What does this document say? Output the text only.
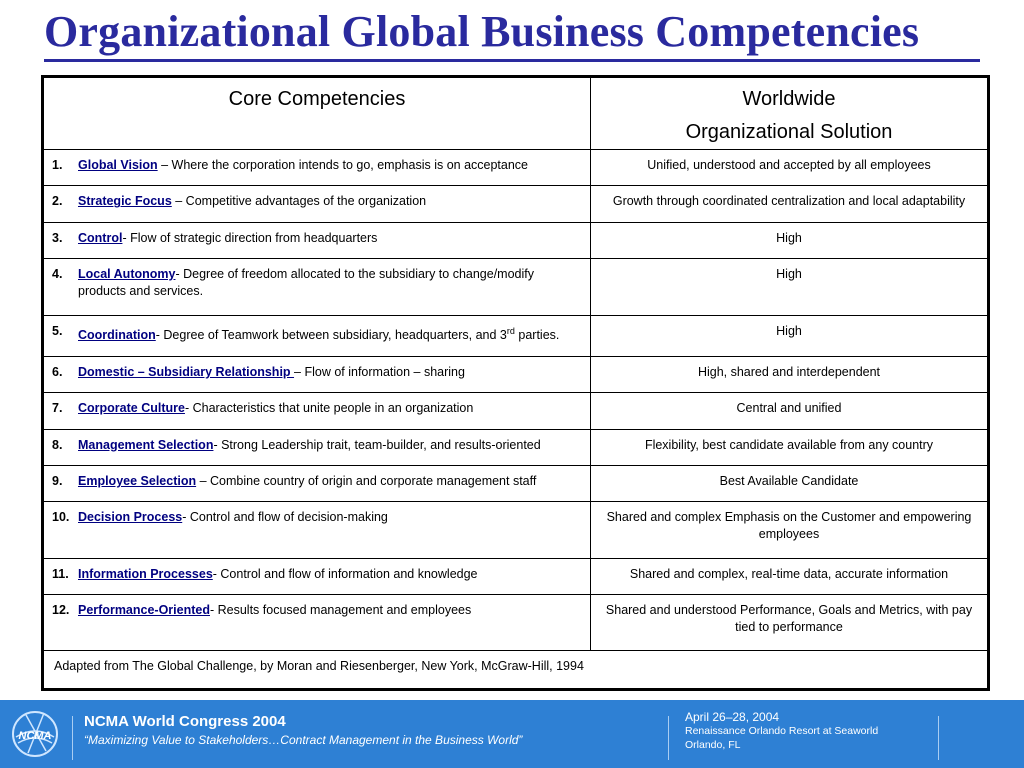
Organizational Global Business Competencies
Core Competencies	Worldwide
Organizational Solution

1. Global Vision – Where the corporation intends to go, emphasis is on acceptance	Unified, understood and accepted by all employees

2. Strategic Focus – Competitive advantages of the organization	Growth through coordinated centralization and local adaptability

3. Control- Flow of strategic direction from headquarters	High

4. Local Autonomy- Degree of freedom allocated to the subsidiary to change/modify products and services.	High

5. Coordination- Degree of Teamwork between subsidiary, headquarters, and 3rd parties.	High

6. Domestic – Subsidiary Relationship – Flow of information – sharing	High, shared and interdependent

7. Corporate Culture- Characteristics that unite people in an organization	Central and unified

8. Management Selection- Strong Leadership trait, team-builder, and results-oriented	Flexibility, best candidate available from any country

9. Employee Selection – Combine country of origin and corporate management staff	Best Available Candidate

10. Decision Process- Control and flow of decision-making	Shared and complex Emphasis on the Customer and empowering employees

11. Information Processes- Control and flow of information and knowledge	Shared and complex, real-time data, accurate information

12. Performance-Oriented- Results focused management and employees	Shared and understood Performance, Goals and Metrics, with pay tied to performance
Adapted from The Global Challenge, by Moran and Riesenberger, New York, McGraw-Hill, 1994	
NCMA
NCMA World Congress 2004
“Maximizing Value to Stakeholders…Contract Management in the Business World”
April 26–28, 2004
Renaissance Orlando Resort at Seaworld
Orlando, FL
